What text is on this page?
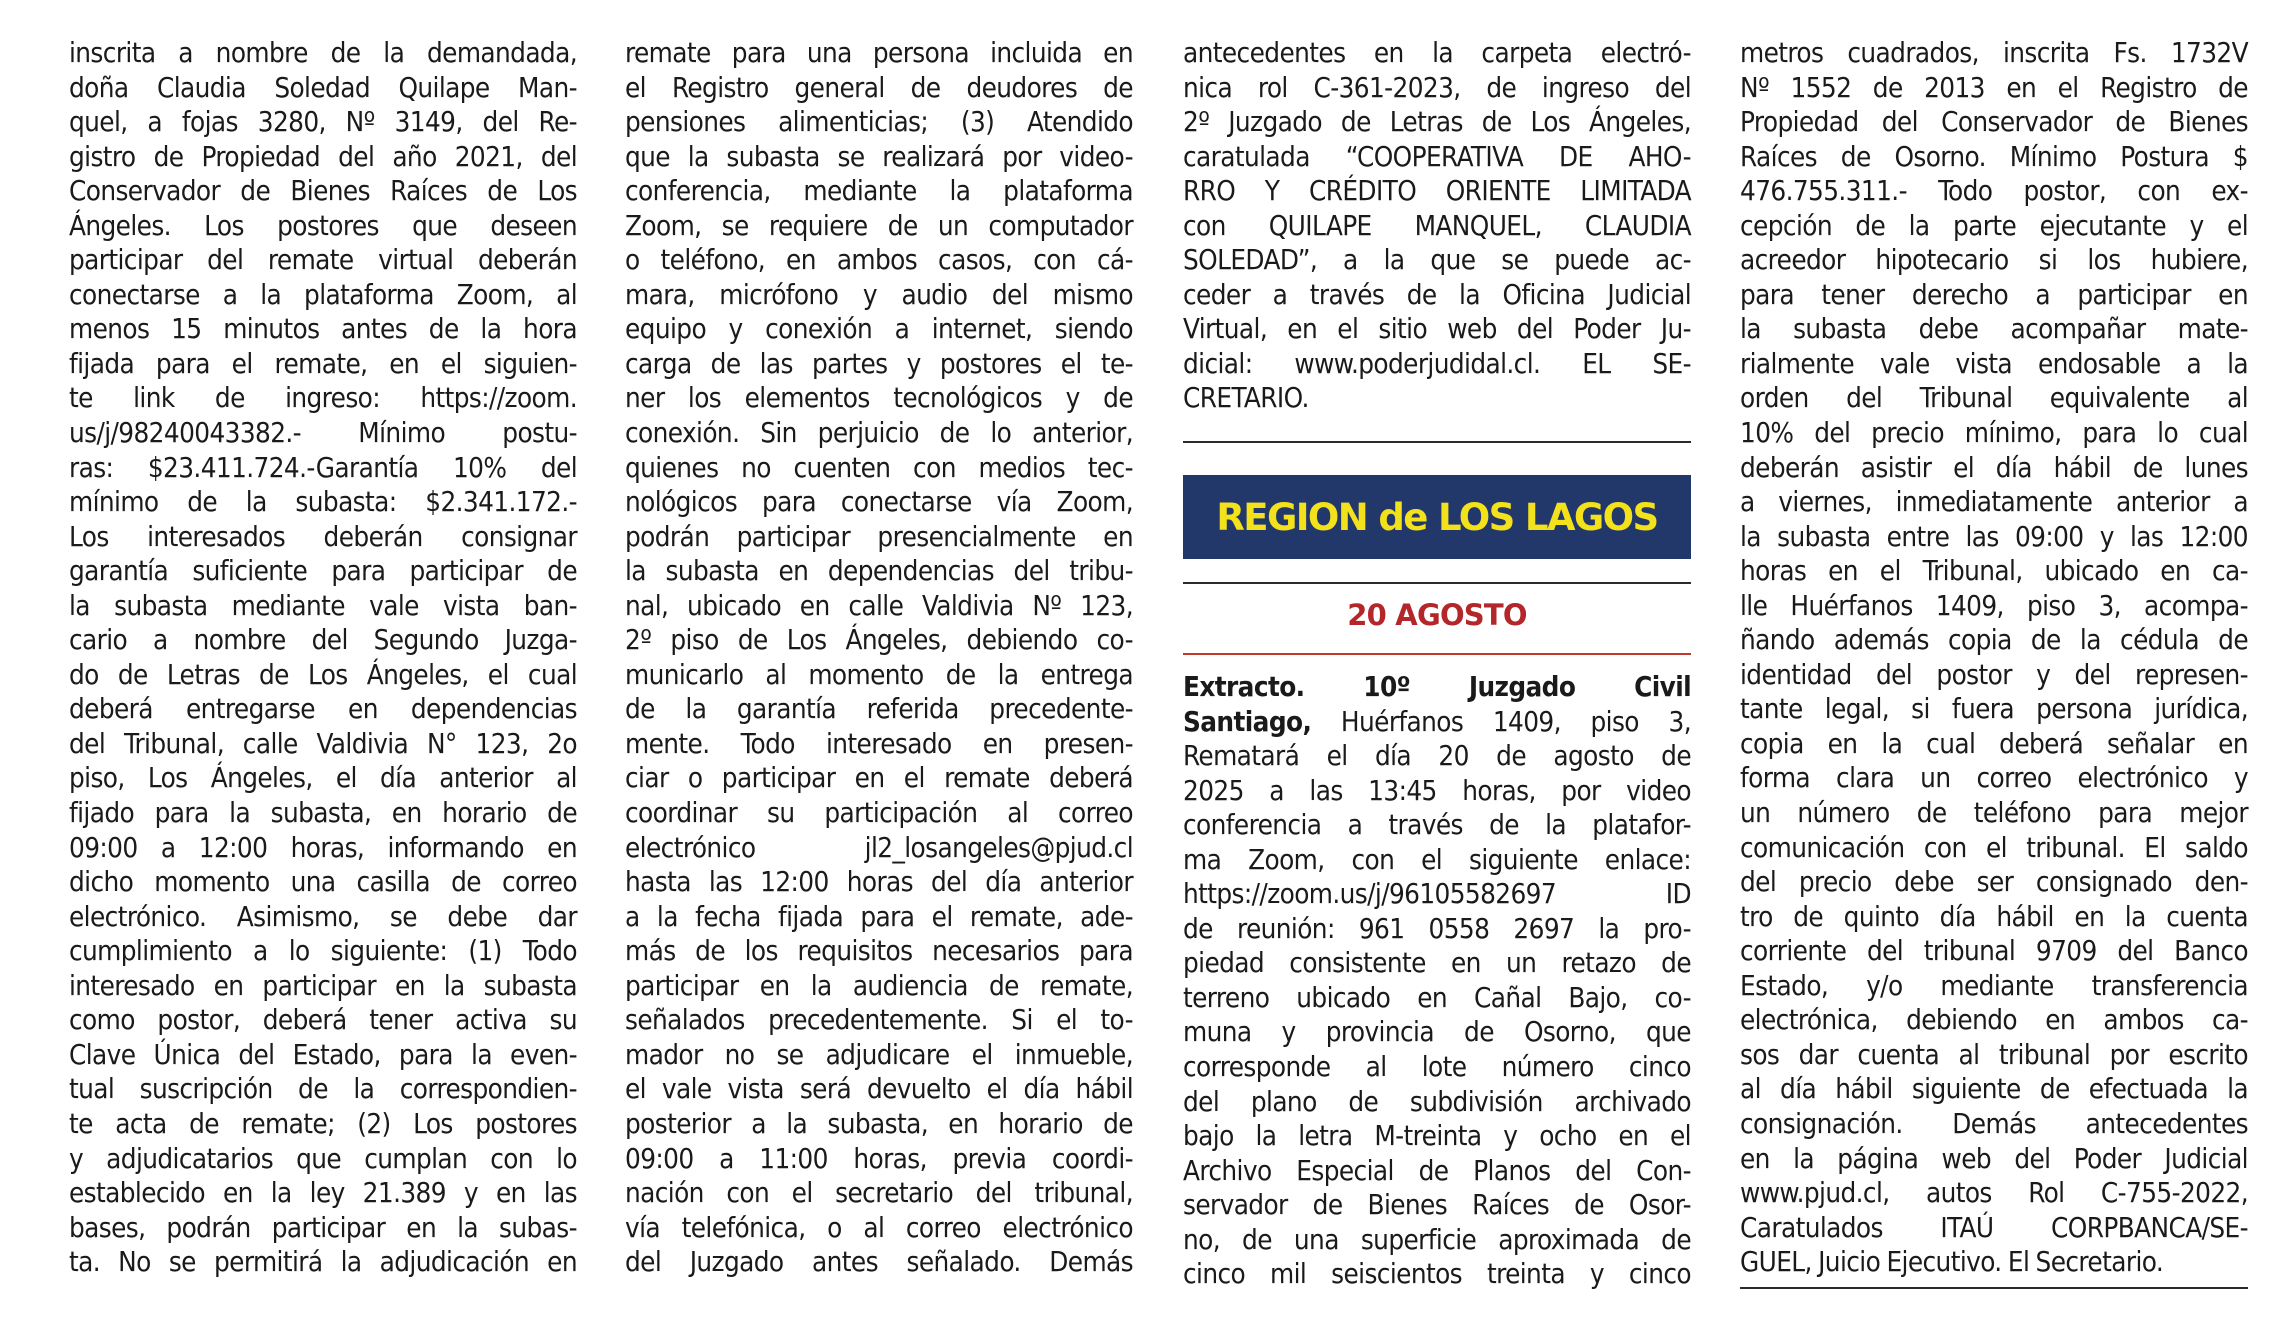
inscrita a nombre de la demandada,
doña Claudia Soledad Quilape Man-
quel, a fojas 3280, Nº 3149, del Re-
gistro de Propiedad del año 2021, del
Conservador de Bienes Raíces de Los
Ángeles. Los postores que deseen
participar del remate virtual deberán
conectarse a la plataforma Zoom, al
menos 15 minutos antes de la hora
fijada para el remate, en el siguien-
te link de ingreso: https://zoom.
us/j/98240043382.- Mínimo postu-
ras: $23.411.724.-Garantía 10% del
mínimo de la subasta: $2.341.172.-
Los interesados deberán consignar
garantía suficiente para participar de
la subasta mediante vale vista ban-
cario a nombre del Segundo Juzga-
do de Letras de Los Ángeles, el cual
deberá entregarse en dependencias
del Tribunal, calle Valdivia N° 123, 2o
piso, Los Ángeles, el día anterior al
fijado para la subasta, en horario de
09:00 a 12:00 horas, informando en
dicho momento una casilla de correo
electrónico. Asimismo, se debe dar
cumplimiento a lo siguiente: (1) Todo
interesado en participar en la subasta
como postor, deberá tener activa su
Clave Única del Estado, para la even-
tual suscripción de la correspondien-
te acta de remate; (2) Los postores
y adjudicatarios que cumplan con lo
establecido en la ley 21.389 y en las
bases, podrán participar en la subas-
ta. No se permitirá la adjudicación en
remate para una persona incluida en
el Registro general de deudores de
pensiones alimenticias; (3) Atendido
que la subasta se realizará por video-
conferencia, mediante la plataforma
Zoom, se requiere de un computador
o teléfono, en ambos casos, con cá-
mara, micrófono y audio del mismo
equipo y conexión a internet, siendo
carga de las partes y postores el te-
ner los elementos tecnológicos y de
conexión. Sin perjuicio de lo anterior,
quienes no cuenten con medios tec-
nológicos para conectarse vía Zoom,
podrán participar presencialmente en
la subasta en dependencias del tribu-
nal, ubicado en calle Valdivia Nº 123,
2º piso de Los Ángeles, debiendo co-
municarlo al momento de la entrega
de la garantía referida precedente-
mente. Todo interesado en presen-
ciar o participar en el remate deberá
coordinar su participación al correo
electrónico jl2_losangeles@pjud.cl
hasta las 12:00 horas del día anterior
a la fecha fijada para el remate, ade-
más de los requisitos necesarios para
participar en la audiencia de remate,
señalados precedentemente. Si el to-
mador no se adjudicare el inmueble,
el vale vista será devuelto el día hábil
posterior a la subasta, en horario de
09:00 a 11:00 horas, previa coordi-
nación con el secretario del tribunal,
vía telefónica, o al correo electrónico
del Juzgado antes señalado. Demás
antecedentes en la carpeta electró-
nica rol C-361-2023, de ingreso del
2º Juzgado de Letras de Los Ángeles,
caratulada “COOPERATIVA DE AHO-
RRO Y CRÉDITO ORIENTE LIMITADA
con QUILAPE MANQUEL, CLAUDIA
SOLEDAD”, a la que se puede ac-
ceder a través de la Oficina Judicial
Virtual, en el sitio web del Poder Ju-
dicial: www.poderjudidal.cl. EL SE-
CRETARIO.
REGION de LOS LAGOS
20 AGOSTO
Extracto. 10º Juzgado Civil
Santiago, Huérfanos 1409, piso 3,
Rematará el día 20 de agosto de
2025 a las 13:45 horas, por video
conferencia a través de la platafor-
ma Zoom, con el siguiente enlace:
https://zoom.us/j/96105582697 ID
de reunión: 961 0558 2697 la pro-
piedad consistente en un retazo de
terreno ubicado en Cañal Bajo, co-
muna y provincia de Osorno, que
corresponde al lote número cinco
del plano de subdivisión archivado
bajo la letra M-treinta y ocho en el
Archivo Especial de Planos del Con-
servador de Bienes Raíces de Osor-
no, de una superficie aproximada de
cinco mil seiscientos treinta y cinco
metros cuadrados, inscrita Fs. 1732V
Nº 1552 de 2013 en el Registro de
Propiedad del Conservador de Bienes
Raíces de Osorno. Mínimo Postura $
476.755.311.- Todo postor, con ex-
cepción de la parte ejecutante y el
acreedor hipotecario si los hubiere,
para tener derecho a participar en
la subasta debe acompañar mate-
rialmente vale vista endosable a la
orden del Tribunal equivalente al
10% del precio mínimo, para lo cual
deberán asistir el día hábil de lunes
a viernes, inmediatamente anterior a
la subasta entre las 09:00 y las 12:00
horas en el Tribunal, ubicado en ca-
lle Huérfanos 1409, piso 3, acompa-
ñando además copia de la cédula de
identidad del postor y del represen-
tante legal, si fuera persona jurídica,
copia en la cual deberá señalar en
forma clara un correo electrónico y
un número de teléfono para mejor
comunicación con el tribunal. El saldo
del precio debe ser consignado den-
tro de quinto día hábil en la cuenta
corriente del tribunal 9709 del Banco
Estado, y/o mediante transferencia
electrónica, debiendo en ambos ca-
sos dar cuenta al tribunal por escrito
al día hábil siguiente de efectuada la
consignación. Demás antecedentes
en la página web del Poder Judicial
www.pjud.cl, autos Rol C-755-2022,
Caratulados ITAÚ CORPBANCA/SE-
GUEL, Juicio Ejecutivo. El Secretario.
